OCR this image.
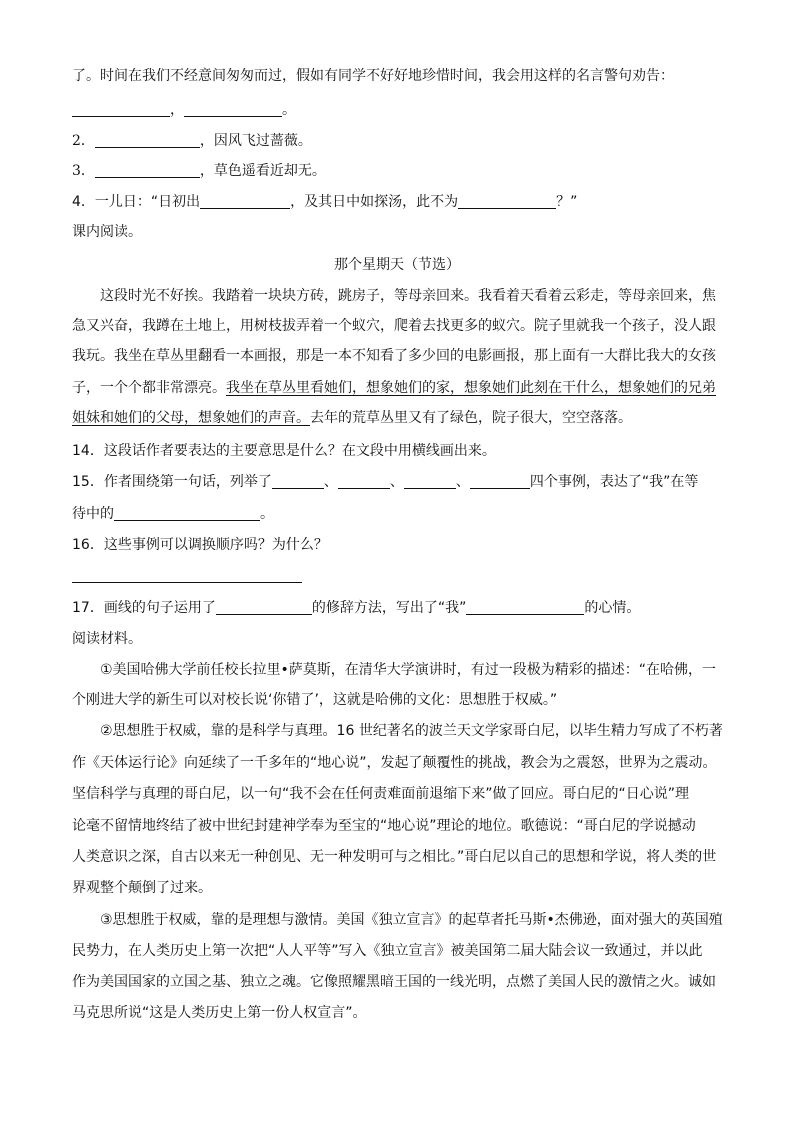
了。时间在我们不经意间匆匆而过，假如有同学不好好地珍惜时间，我会用这样的名言警句劝告：
，	。
2．	，因风飞过蔷薇。
3．	，草色遥看近却无。
4．一儿日：“日初出	，及其日中如探汤，此不为	？”
课内阅读。
那个星期天（节选）
这段时光不好挨。我踏着一块块方砖，跳房子，等母亲回来。我看着天看着云彩走，等母亲回来，焦
急又兴奋，我蹲在土地上，用树枝拔弄着一个蚁穴，爬着去找更多的蚁穴。院子里就我一个孩子，没人跟
我玩。我坐在草丛里翻看一本画报，那是一本不知看了多少回的电影画报，那上面有一大群比我大的女孩
子，一个个都非常漂亮。我坐在草丛里看她们，想象她们的家，想象她们此刻在干什么，想象她们的兄弟
姐妹和她们的父母，想象她们的声音。去年的荒草丛里又有了绿色，院子很大，空空落落。
14．这段话作者要表达的主要意思是什么？在文段中用横线画出来。
15．作者围绕第一句话，列举了	、	、	、	四个事例，表达了“我”在等
待中的	。
16．这些事例可以调换顺序吗？为什么？
17．画线的句子运用了	的修辞方法，写出了“我”	的心情。
阅读材料。
①美国哈佛大学前任校长拉里•萨莫斯，在清华大学演讲时，有过一段极为精彩的描述：“在哈佛，一
个刚进大学的新生可以对校长说‘你错了’，这就是哈佛的文化：思想胜于权威。”
②思想胜于权威，靠的是科学与真理。16 世纪著名的波兰天文学家哥白尼，以毕生精力写成了不朽著
作《天体运行论》向延续了一千多年的“地心说”，发起了颠覆性的挑战，教会为之震怒，世界为之震动。
坚信科学与真理的哥白尼，以一句“我不会在任何责难面前退缩下来”做了回应。哥白尼的“日心说”理
论毫不留情地终结了被中世纪封建神学奉为至宝的“地心说”理论的地位。歌德说：“哥白尼的学说撼动
人类意识之深，自古以来无一种创见、无一种发明可与之相比。”哥白尼以自己的思想和学说，将人类的世
界观整个颠倒了过来。
③思想胜于权威，靠的是理想与激情。美国《独立宣言》的起草者托马斯•杰佛逊，面对强大的英国殖
民势力，在人类历史上第一次把“人人平等”写入《独立宣言》被美国第二届大陆会议一致通过，并以此
作为美国国家的立国之基、独立之魂。它像照耀黑暗王国的一线光明，点燃了美国人民的激情之火。诚如
马克思所说“这是人类历史上第一份人权宣言”。
